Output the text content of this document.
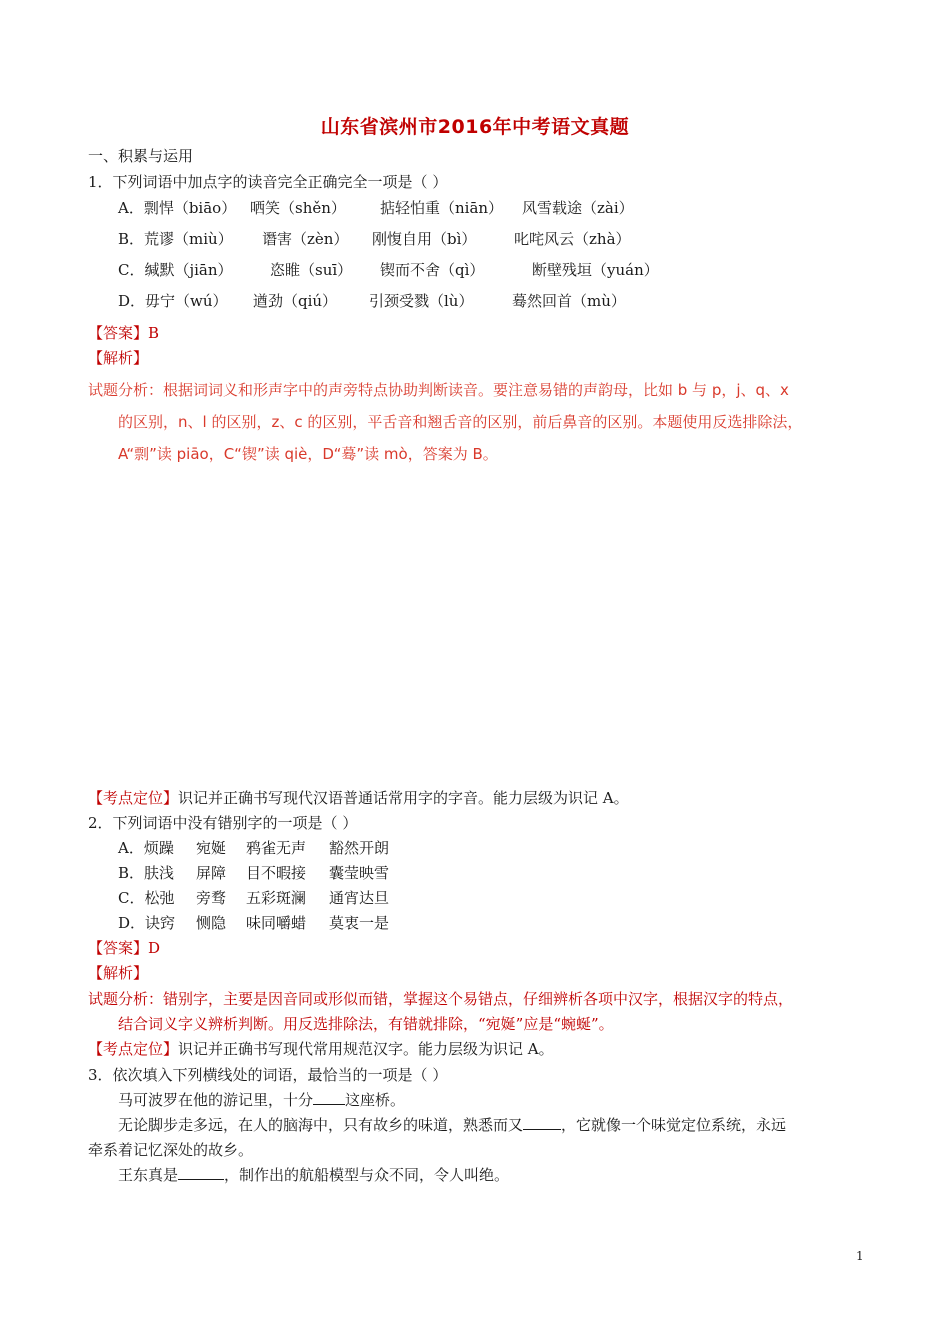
山东省滨州市2016年中考语文真题
一、积累与运用
1．下列词语中加点字的读音完全正确完全一项是（ ）
A．剽悍（biāo） 哂笑（shěn） 掂轻怕重（niān） 风雪载途（zài）
B．荒谬（miù） 谮害（zèn） 刚愎自用（bì）	叱咤风云（zhà）
C．缄默（jiān） 恣睢（suī） 锲而不舍（qì）	断壁残垣（yuán）
D．毋宁（wú） 遒劲（qiú） 引颈受戮（lù）	蓦然回首（mù）
【答案】B
【解析】
试题分析：根据词词义和形声字中的声旁特点协助判断读音。要注意易错的声韵母，比如 b 与 p，j、q、x
的区别，n、l 的区别，z、c 的区别，平舌音和翘舌音的区别，前后鼻音的区别。本题使用反选排除法，
A“剽”读 piāo，C“锲”读 qiè，D“蓦”读 mò，答案为 B。
【考点定位】识记并正确书写现代汉语普通话常用字的字音。能力层级为识记 A。
2．下列词语中没有错别字的一项是（ ）
A．烦躁 宛娫 鸦雀无声 豁然开朗
B．肤浅 屏障 目不暇接 囊莹映雪
C．松弛 旁骛 五彩斑澜 通宵达旦
D．诀窍 恻隐 味同嚼蜡 莫衷一是
【答案】D
【解析】
试题分析：错别字，主要是因音同或形似而错，掌握这个易错点，仔细辨析各项中汉字，根据汉字的特点，
结合词义字义辨析判断。用反选排除法，有错就排除，“宛娫”应是“蜿蜒”。
【考点定位】识记并正确书写现代常用规范汉字。能力层级为识记 A。
3．依次填入下列横线处的词语，最恰当的一项是（ ）
马可波罗在他的游记里，十分 这座桥。
无论脚步走多远，在人的脑海中，只有故乡的味道，熟悉而又	，它就像一个味觉定位系统，永远
牵系着记忆深处的故乡。
王东真是	，制作出的航船模型与众不同，令人叫绝。
1
